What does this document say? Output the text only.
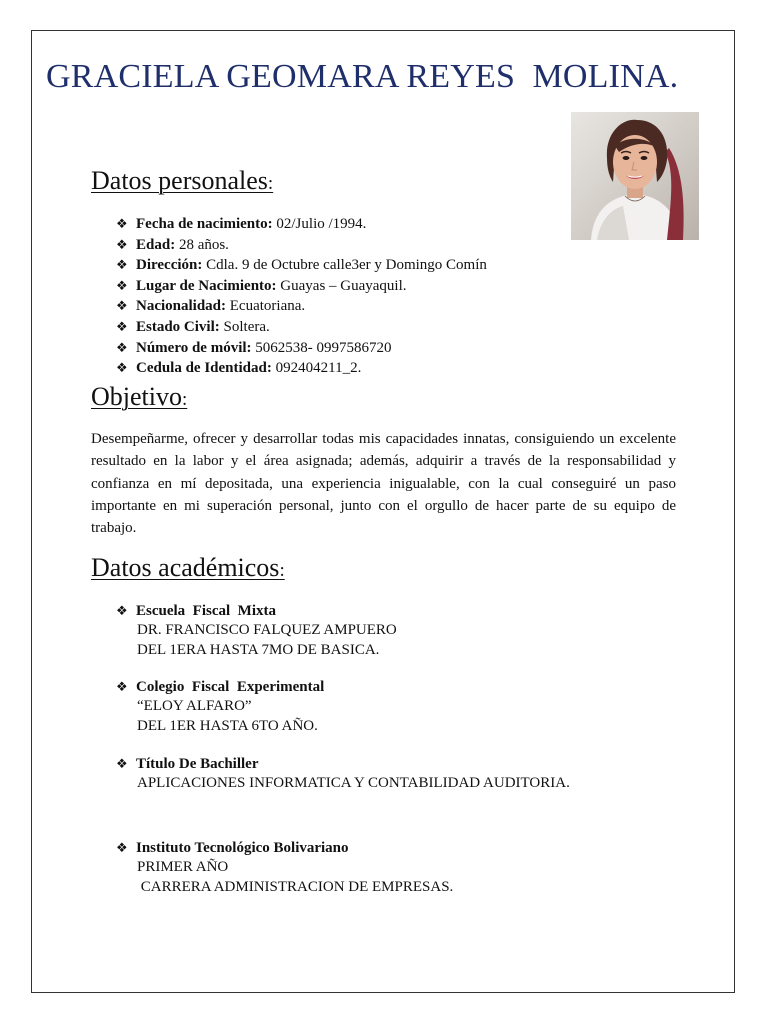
GRACIELA GEOMARA REYES  MOLINA.
Datos personales:
❖ Fecha de nacimiento: 02/Julio /1994.
❖ Edad: 28 años.
❖ Dirección: Cdla. 9 de Octubre calle3er y Domingo Comín
❖ Lugar de Nacimiento: Guayas – Guayaquil.
❖ Nacionalidad: Ecuatoriana.
❖ Estado Civil: Soltera.
❖ Número de móvil: 5062538- 0997586720
❖ Cedula de Identidad: 092404211_2.
Objetivo:

Desempeñarme, ofrecer y desarrollar todas mis capacidades innatas, consiguiendo un excelente resultado en la labor y el área asignada; además, adquirir a través de la responsabilidad y confianza en mí depositada, una experiencia inigualable, con la cual conseguiré un paso importante en mi superación personal, junto con el orgullo de hacer parte de su equipo de trabajo.

Datos académicos:
❖ Escuela  Fiscal  Mixta
DR. FRANCISCO FALQUEZ AMPUERO
DEL 1ERA HASTA 7MO DE BASICA.
❖ Colegio  Fiscal  Experimental
“ELOY ALFARO”
DEL 1ER HASTA 6TO AÑO.
❖ Título De Bachiller
APLICACIONES INFORMATICA Y CONTABILIDAD AUDITORIA.
❖ Instituto Tecnológico Bolivariano
PRIMER AÑO
CARRERA ADMINISTRACION DE EMPRESAS.
